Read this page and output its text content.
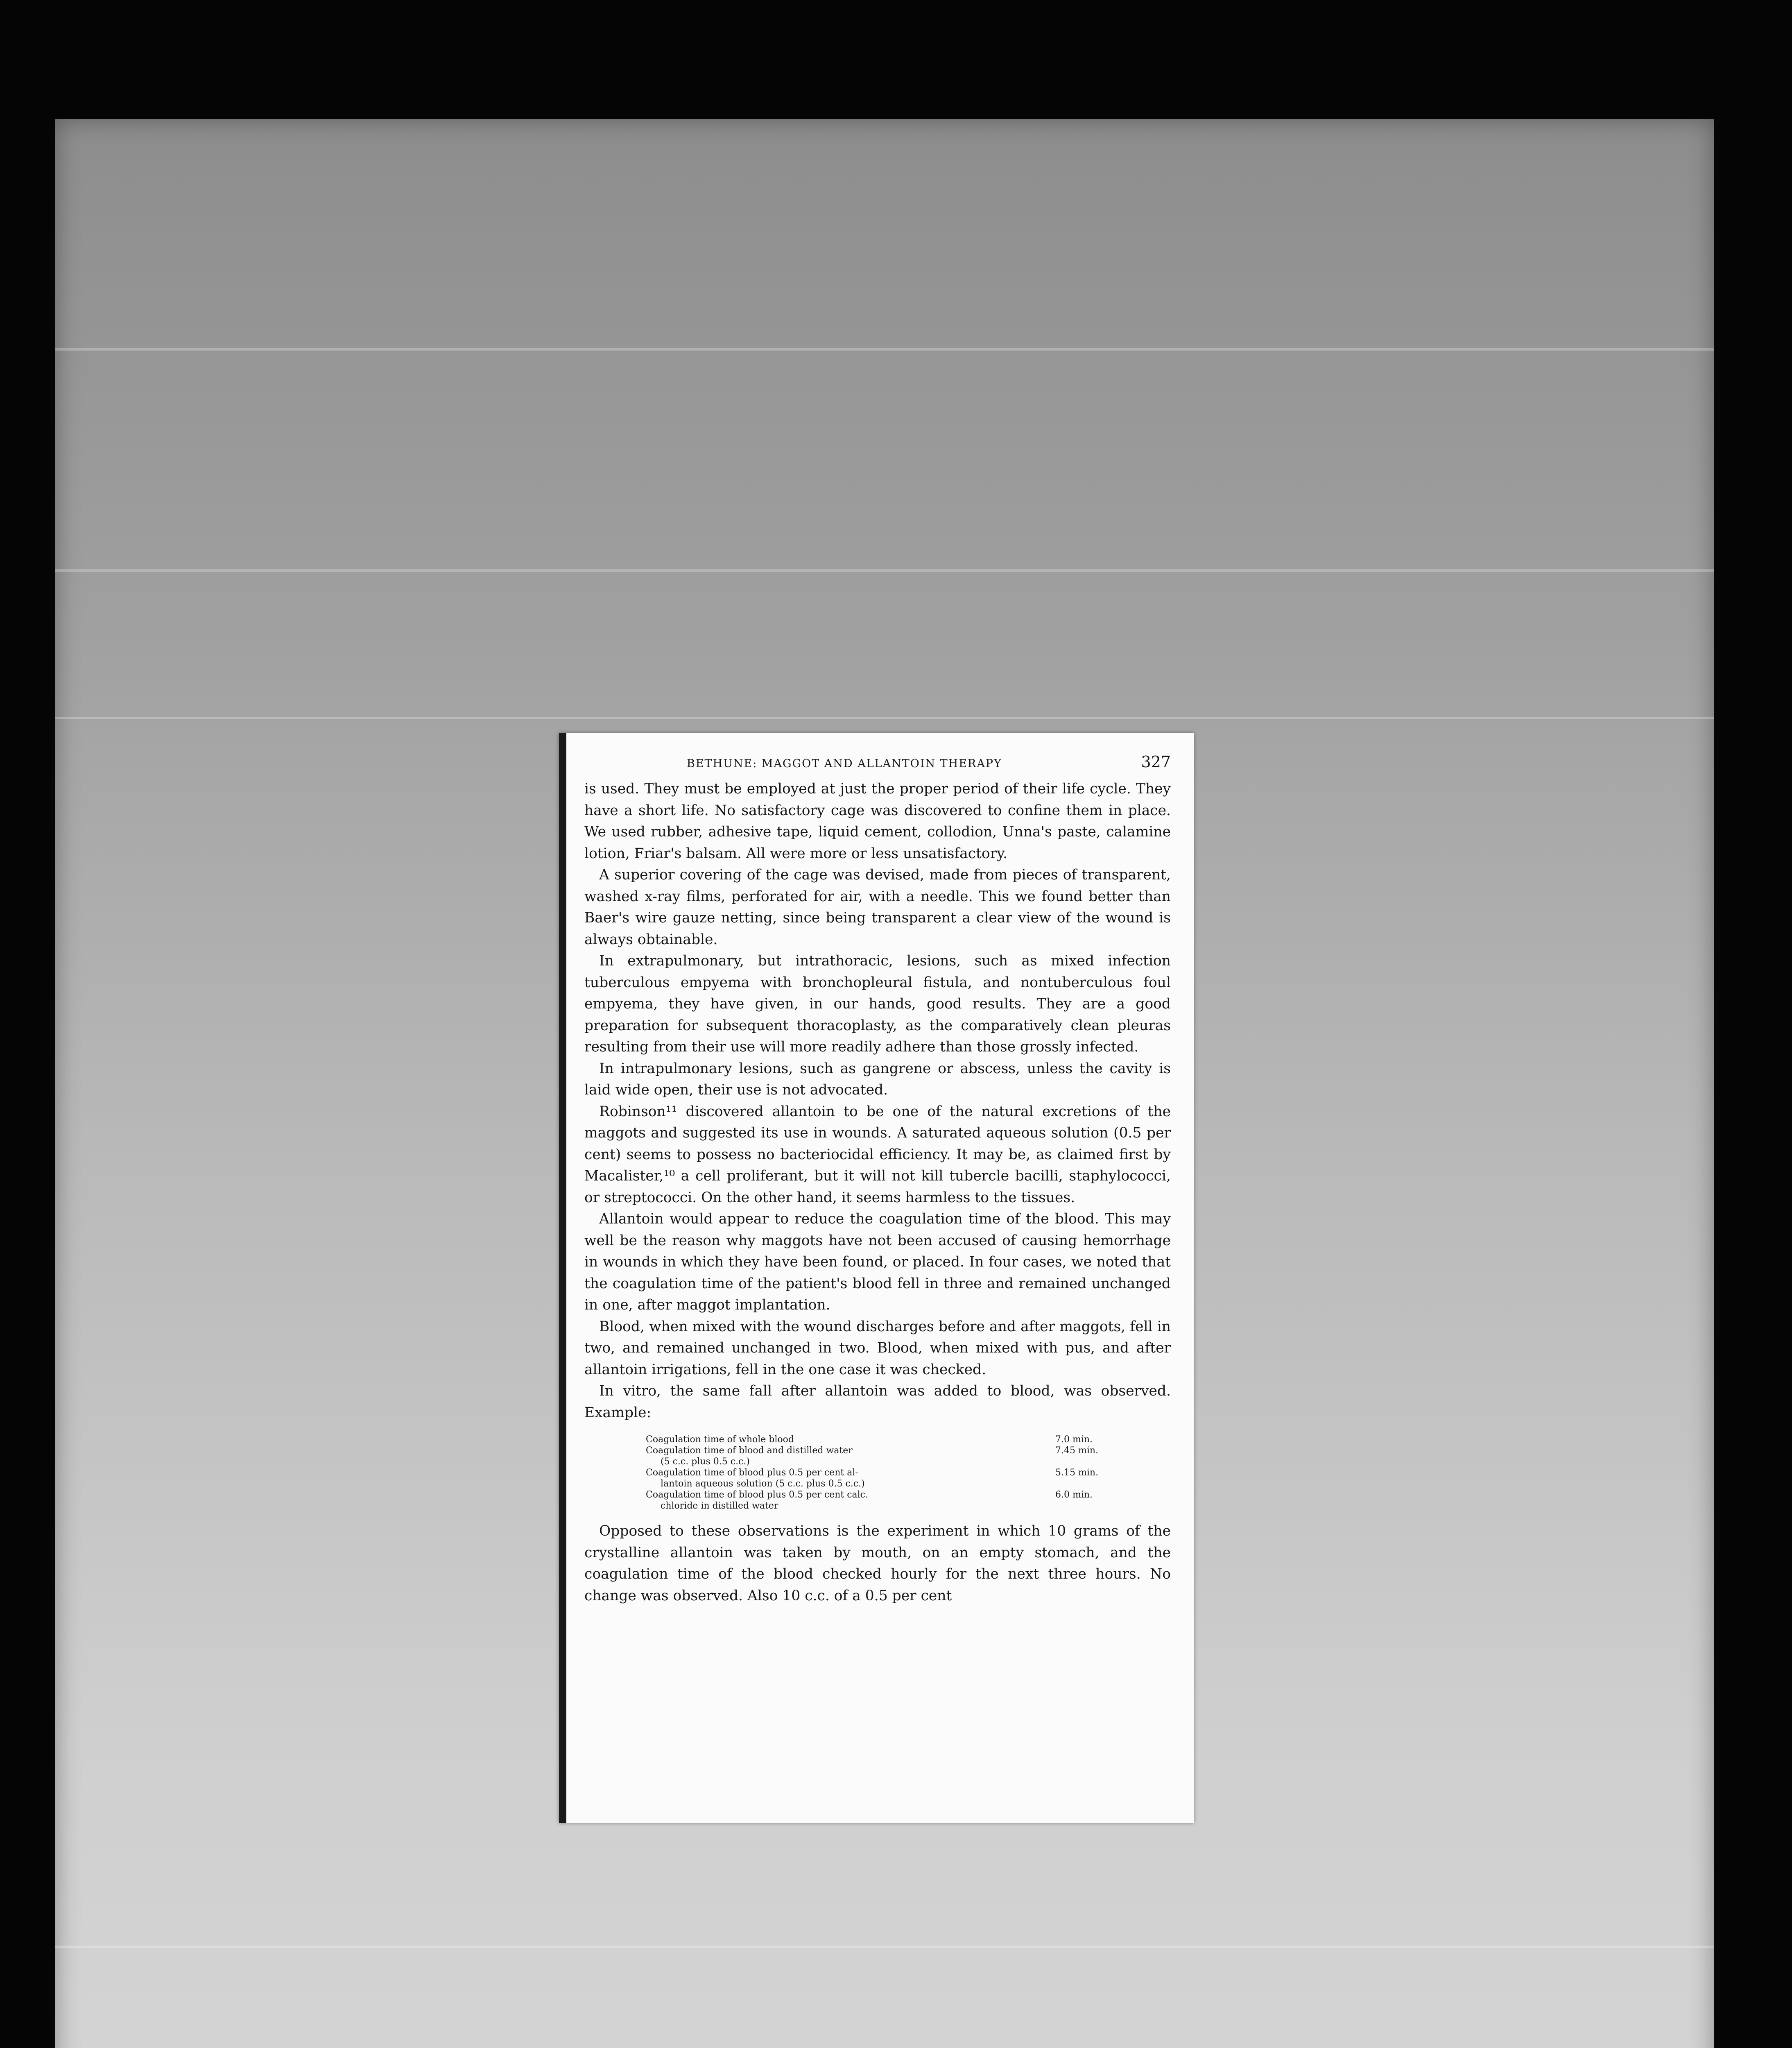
BETHUNE: MAGGOT AND ALLANTOIN THERAPY	327

is used. They must be employed at just the proper period of their life cycle. They have a short life. No satisfactory cage was discovered to confine them in place. We used rubber, adhesive tape, liquid cement, collodion, Unna's paste, calamine lotion, Friar's balsam. All were more or less unsatisfactory.

A superior covering of the cage was devised, made from pieces of transparent, washed x-ray films, perforated for air, with a needle. This we found better than Baer's wire gauze netting, since being transparent a clear view of the wound is always obtainable.

In extrapulmonary, but intrathoracic, lesions, such as mixed infection tuberculous empyema with bronchopleural fistula, and nontuberculous foul empyema, they have given, in our hands, good results. They are a good preparation for subsequent thoracoplasty, as the comparatively clean pleuras resulting from their use will more readily adhere than those grossly infected.

In intrapulmonary lesions, such as gangrene or abscess, unless the cavity is laid wide open, their use is not advocated.

Robinson¹¹ discovered allantoin to be one of the natural excretions of the maggots and suggested its use in wounds. A saturated aqueous solution (0.5 per cent) seems to possess no bacteriocidal efficiency. It may be, as claimed first by Macalister,¹⁰ a cell proliferant, but it will not kill tubercle bacilli, staphylococci, or streptococci. On the other hand, it seems harmless to the tissues.

Allantoin would appear to reduce the coagulation time of the blood. This may well be the reason why maggots have not been accused of causing hemorrhage in wounds in which they have been found, or placed. In four cases, we noted that the coagulation time of the patient's blood fell in three and remained unchanged in one, after maggot implantation.

Blood, when mixed with the wound discharges before and after maggots, fell in two, and remained unchanged in two. Blood, when mixed with pus, and after allantoin irrigations, fell in the one case it was checked.

In vitro, the same fall after allantoin was added to blood, was observed. Example:

Coagulation time of whole blood	7.0 min.
Coagulation time of blood and distilled water
(5 c.c. plus 0.5 c.c.)
7.45 min.
Coagulation time of blood plus 0.5 per cent al-
lantoin aqueous solution (5 c.c. plus 0.5 c.c.)
5.15 min.
Coagulation time of blood plus 0.5 per cent calc.
chloride in distilled water
6.0 min.

Opposed to these observations is the experiment in which 10 grams of the crystalline allantoin was taken by mouth, on an empty stomach, and the coagulation time of the blood checked hourly for the next three hours. No change was observed. Also 10 c.c. of a 0.5 per cent
